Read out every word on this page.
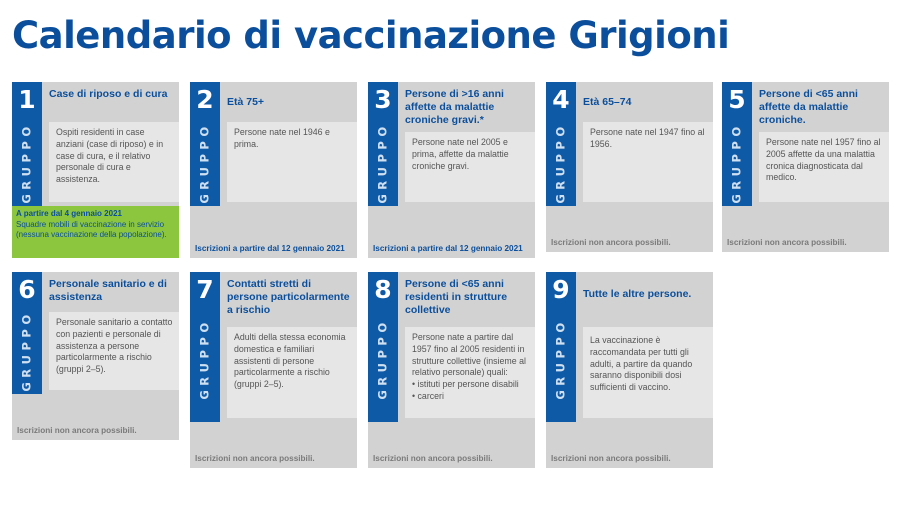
Calendario di vaccinazione Grigioni
1
GRUPPO
Case di riposo e di cura
Ospiti residenti in case anziani (case di riposo) e in case di cura, e il relativo personale di cura e assistenza.
A partire dal 4 gennaio 2021
Squadre mobili di vaccinazione in servizio (nessuna vaccinazione della popolazione).
2
GRUPPO
Età 75+
Persone nate nel 1946 e prima.
Iscrizioni a partire dal 12 gennaio 2021
3
GRUPPO
Persone di >16 anni affette da malattie croniche gravi.*
Persone nate nel 2005 e prima, affette da malattie croniche gravi.
Iscrizioni a partire dal 12 gennaio 2021
4
GRUPPO
Età 65–74
Persone nate nel 1947 fino al 1956.
Iscrizioni non ancora possibili.
5
GRUPPO
Persone di <65 anni affette da malattie croniche.
Persone nate nel 1957 fino al 2005 affette da una malattia cronica diagnosticata dal medico.
Iscrizioni non ancora possibili.
6
GRUPPO
Personale sanitario e di assistenza
Personale sanitario a contatto con pazienti e personale di assistenza a persone particolarmente a rischio (gruppi 2–5).
Iscrizioni non ancora possibili.
7
GRUPPO
Contatti stretti di persone particolarmente a rischio
Adulti della stessa economia domestica e familiari assistenti di persone particolarmente a rischio (gruppi 2–5).
Iscrizioni non ancora possibili.
8
GRUPPO
Persone di <65 anni residenti in strutture collettive
Persone nate a partire dal 1957 fino al 2005 residenti in strutture collettive (insieme al relativo personale) quali:
• istituti per persone disabili
• carceri
Iscrizioni non ancora possibili.
9
GRUPPO
Tutte le altre persone.
La vaccinazione è raccomandata per tutti gli adulti, a partire da quando saranno disponibili dosi sufficienti di vaccino.
Iscrizioni non ancora possibili.
